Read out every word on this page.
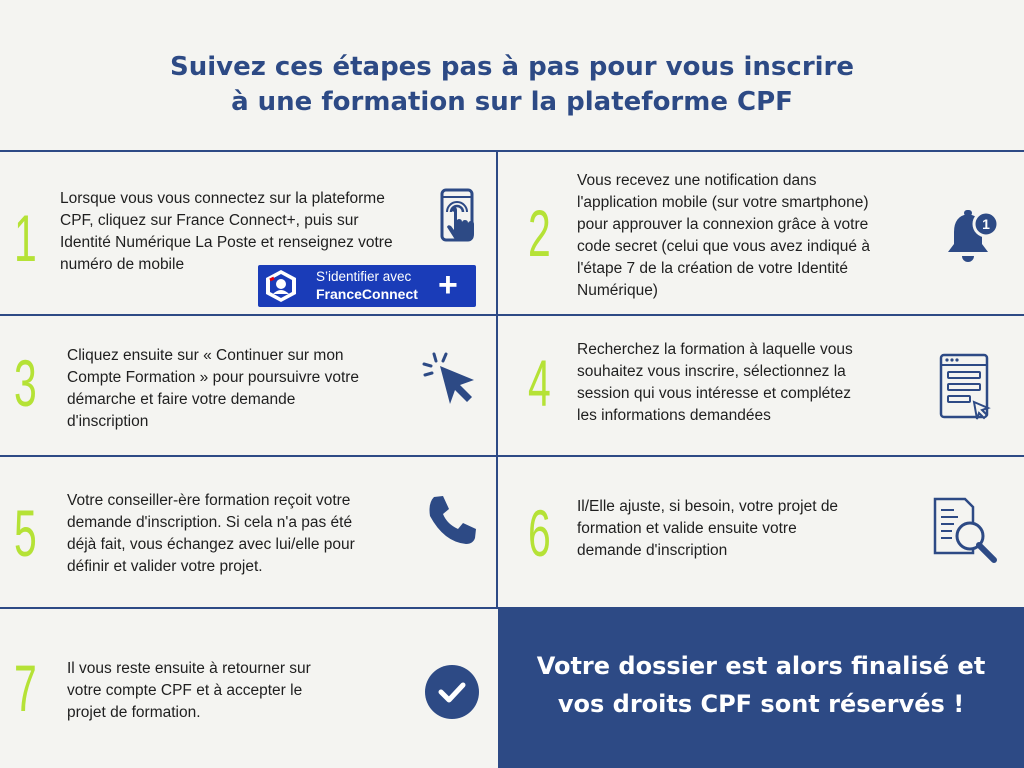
Suivez ces étapes pas à pas pour vous inscrire
à une formation sur la plateforme CPF
1
Lorsque vous vous connectez sur la plateforme
CPF, cliquez sur France Connect+, puis sur
Identité Numérique La Poste et renseignez votre
numéro de mobile
S’identifier avec
FranceConnect +
2
Vous recevez une notification dans
l'application mobile (sur votre smartphone)
pour approuver la connexion grâce à votre
code secret (celui que vous avez indiqué à
l'étape 7 de la création de votre Identité
Numérique)
1
3 Cliquez ensuite sur « Continuer sur mon
Compte Formation » pour poursuivre votre
démarche et faire votre demande
d'inscription
4 Recherchez la formation à laquelle vous
souhaitez vous inscrire, sélectionnez la
session qui vous intéresse et complétez
les informations demandées
5 Votre conseiller-ère formation reçoit votre
demande d'inscription. Si cela n'a pas été
déjà fait, vous échangez avec lui/elle pour
définir et valider votre projet.	6 Il/Elle ajuste, si besoin, votre projet de
formation et valide ensuite votre
demande d'inscription
7 Il vous reste ensuite à retourner sur
votre compte CPF et à accepter le
projet de formation.
Votre dossier est alors finalisé et
vos droits CPF sont réservés !
